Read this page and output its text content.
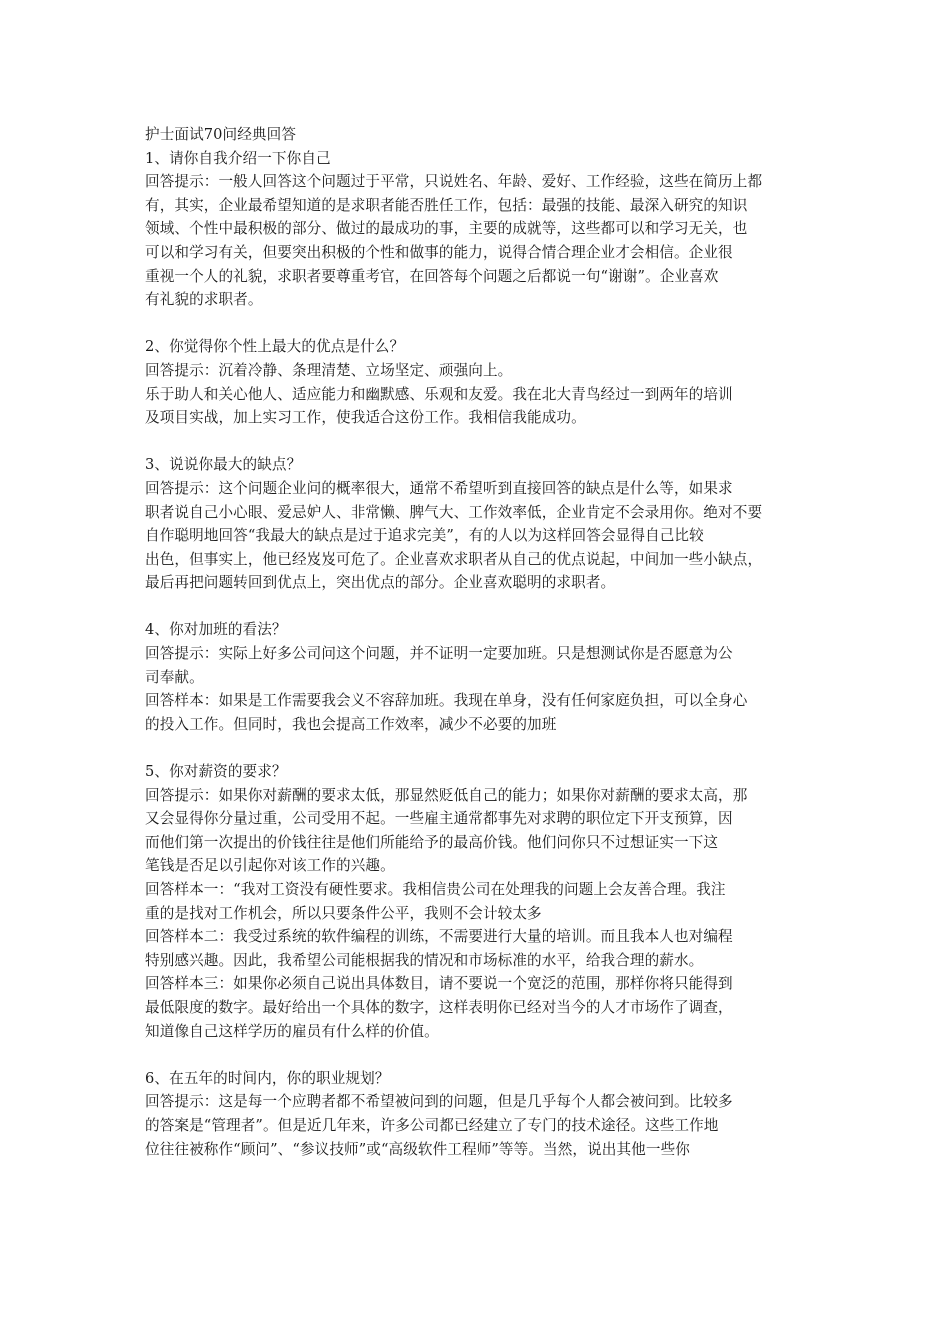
护士面试70问经典回答
1、请你自我介绍一下你自己
回答提示：一般人回答这个问题过于平常，只说姓名、年龄、爱好、工作经验，这些在简历上都
有，其实，企业最希望知道的是求职者能否胜任工作，包括：最强的技能、最深入研究的知识
领域、个性中最积极的部分、做过的最成功的事，主要的成就等，这些都可以和学习无关，也
可以和学习有关，但要突出积极的个性和做事的能力，说得合情合理企业才会相信。企业很
重视一个人的礼貌，求职者要尊重考官，在回答每个问题之后都说一句“谢谢”。企业喜欢
有礼貌的求职者。
2、你觉得你个性上最大的优点是什么？
回答提示：沉着冷静、条理清楚、立场坚定、顽强向上。
乐于助人和关心他人、适应能力和幽默感、乐观和友爱。我在北大青鸟经过一到两年的培训
及项目实战，加上实习工作，使我适合这份工作。我相信我能成功。
3、说说你最大的缺点？
回答提示：这个问题企业问的概率很大，通常不希望听到直接回答的缺点是什么等，如果求
职者说自己小心眼、爱忌妒人、非常懒、脾气大、工作效率低，企业肯定不会录用你。绝对不要
自作聪明地回答“我最大的缺点是过于追求完美”，有的人以为这样回答会显得自己比较
出色，但事实上，他已经岌岌可危了。企业喜欢求职者从自己的优点说起，中间加一些小缺点，
最后再把问题转回到优点上，突出优点的部分。企业喜欢聪明的求职者。
4、你对加班的看法？
回答提示：实际上好多公司问这个问题，并不证明一定要加班。只是想测试你是否愿意为公
司奉献。
回答样本：如果是工作需要我会义不容辞加班。我现在单身，没有任何家庭负担，可以全身心
的投入工作。但同时，我也会提高工作效率，减少不必要的加班
5、你对薪资的要求？
回答提示：如果你对薪酬的要求太低，那显然贬低自己的能力；如果你对薪酬的要求太高，那
又会显得你分量过重，公司受用不起。一些雇主通常都事先对求聘的职位定下开支预算，因
而他们第一次提出的价钱往往是他们所能给予的最高价钱。他们问你只不过想证实一下这
笔钱是否足以引起你对该工作的兴趣。
回答样本一：“我对工资没有硬性要求。我相信贵公司在处理我的问题上会友善合理。我注
重的是找对工作机会，所以只要条件公平，我则不会计较太多
回答样本二：我受过系统的软件编程的训练，不需要进行大量的培训。而且我本人也对编程
特别感兴趣。因此，我希望公司能根据我的情况和市场标准的水平，给我合理的薪水。
回答样本三：如果你必须自己说出具体数目，请不要说一个宽泛的范围，那样你将只能得到
最低限度的数字。最好给出一个具体的数字，这样表明你已经对当今的人才市场作了调查，
知道像自己这样学历的雇员有什么样的价值。
6、在五年的时间内，你的职业规划？
回答提示：这是每一个应聘者都不希望被问到的问题，但是几乎每个人都会被问到。比较多
的答案是“管理者”。但是近几年来，许多公司都已经建立了专门的技术途径。这些工作地
位往往被称作“顾问”、“参议技师”或“高级软件工程师”等等。当然，说出其他一些你
